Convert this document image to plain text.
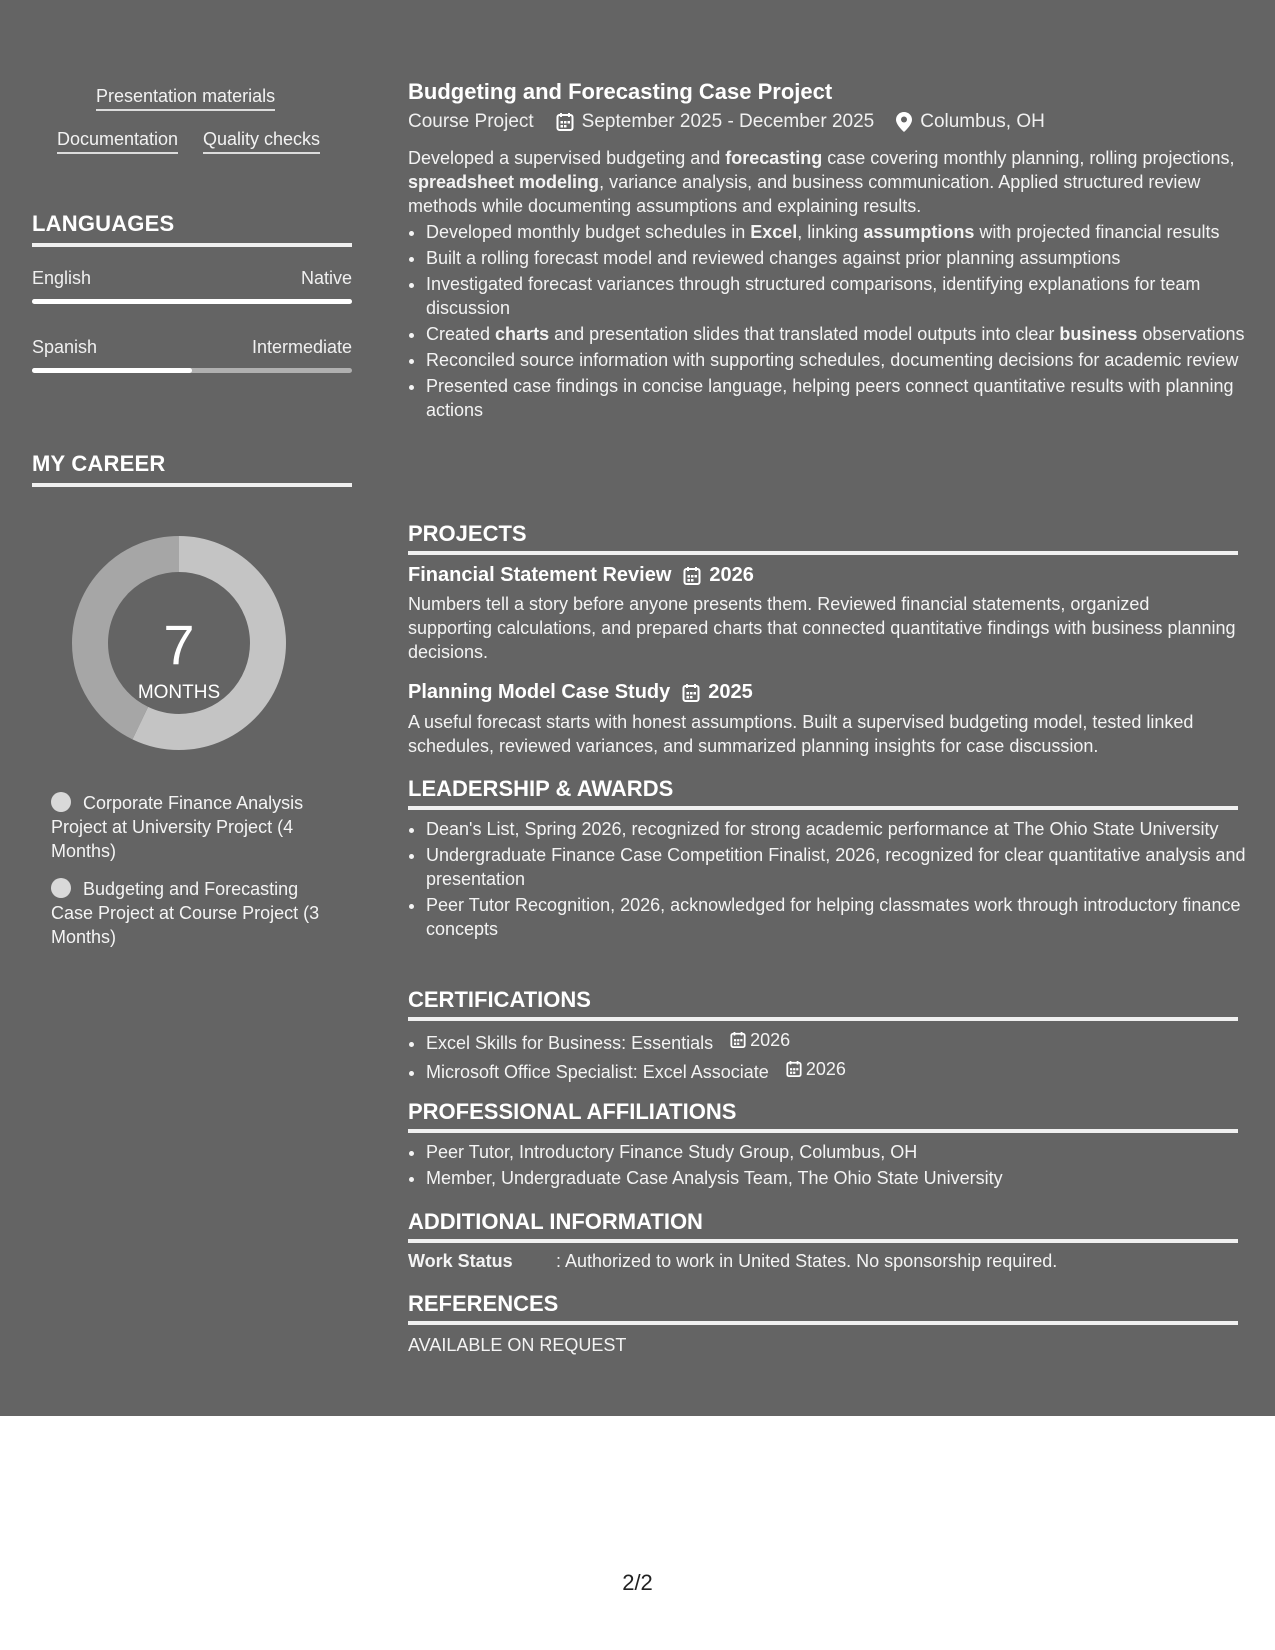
Presentation materials
Documentation Quality checks
LANGUAGES
English	Native
Spanish	Intermediate
MY CAREER
7
MONTHS
Corporate Finance Analysis Project at University Project (4 Months)
Budgeting and Forecasting Case Project at Course Project (3 Months)
Budgeting and Forecasting Case Project
Course Project	September 2025 - December 2025 Columbus, OH

Developed a supervised budgeting and forecasting case covering monthly planning, rolling projections, spreadsheet modeling, variance analysis, and business communication. Applied structured review methods while documenting assumptions and explaining results.

• Developed monthly budget schedules in Excel, linking assumptions with projected financial results
• Built a rolling forecast model and reviewed changes against prior planning assumptions
• Investigated forecast variances through structured comparisons, identifying explanations for team discussion
• Created charts and presentation slides that translated model outputs into clear business observations
• Reconciled source information with supporting schedules, documenting decisions for academic review
• Presented case findings in concise language, helping peers connect quantitative results with planning actions
PROJECTS
Financial Statement Review 2026

Numbers tell a story before anyone presents them. Reviewed financial statements, organized supporting calculations, and prepared charts that connected quantitative findings with business planning decisions.

Planning Model Case Study 2025

A useful forecast starts with honest assumptions. Built a supervised budgeting model, tested linked schedules, reviewed variances, and summarized planning insights for case discussion.

LEADERSHIP & AWARDS
• Dean's List, Spring 2026, recognized for strong academic performance at The Ohio State University
• Undergraduate Finance Case Competition Finalist, 2026, recognized for clear quantitative analysis and presentation
• Peer Tutor Recognition, 2026, acknowledged for helping classmates work through introductory finance concepts
CERTIFICATIONS
• Excel Skills for Business: Essentials 2026
• Microsoft Office Specialist: Excel Associate 2026
PROFESSIONAL AFFILIATIONS
• Peer Tutor, Introductory Finance Study Group, Columbus, OH
• Member, Undergraduate Case Analysis Team, The Ohio State University
ADDITIONAL INFORMATION
Work Status : Authorized to work in United States. No sponsorship required.
REFERENCES
AVAILABLE ON REQUEST
2/2
